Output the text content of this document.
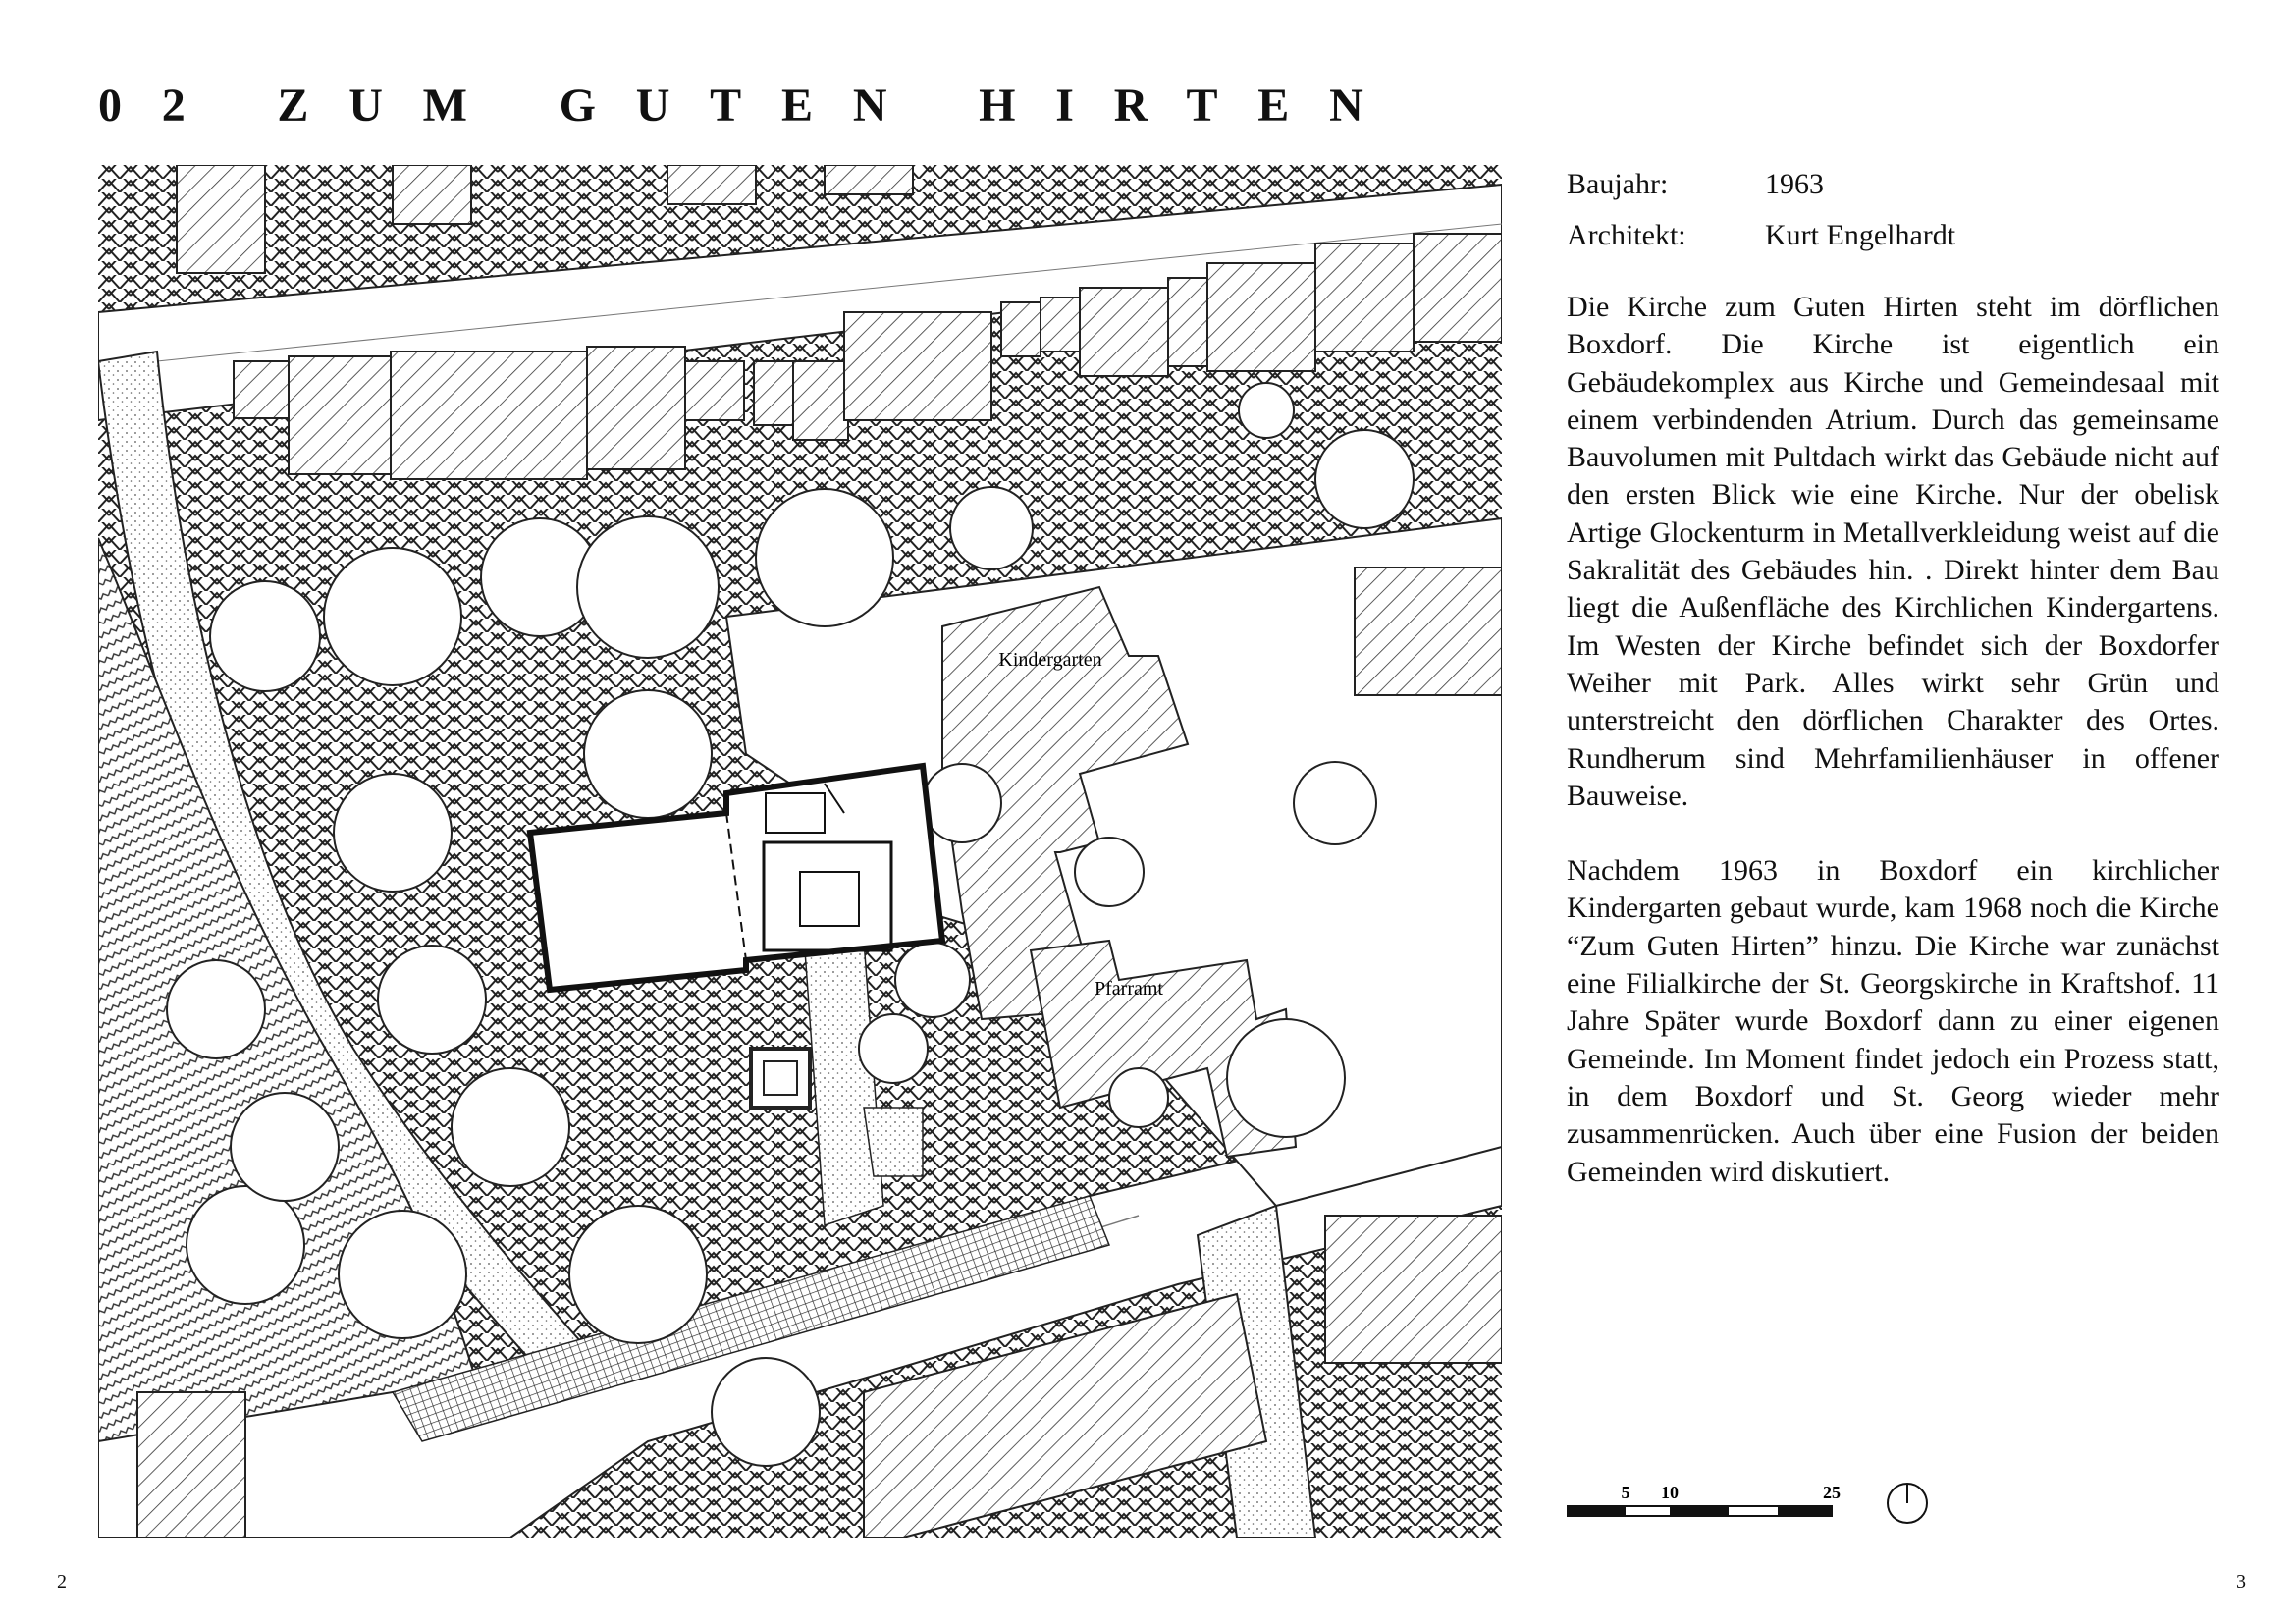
02 ZUM GUTEN HIRTEN
Kindergarten
Pfarramt
Baujahr:	1963
Architekt:	Kurt Engelhardt

Die Kirche zum Guten Hirten steht im dörflichen Boxdorf. Die Kirche ist eigentlich ein Gebäudekomplex aus Kirche und Gemeindesaal mit einem verbindenden Atrium. Durch das gemeinsame Bauvolumen mit Pultdach wirkt das Gebäude nicht auf den ersten Blick wie eine Kirche. Nur der obelisk Artige Glockenturm in Metallverkleidung weist auf die Sakralität des Gebäudes hin. . Direkt hinter dem Bau liegt die Außenfläche des Kirchlichen Kindergartens. Im Westen der Kirche befindet sich der Boxdorfer Weiher mit Park. Alles wirkt sehr Grün und unterstreicht den dörflichen Charakter des Ortes. Rundherum sind Mehrfamilienhäuser in offener Bauweise.

Nachdem 1963 in Boxdorf ein kirchlicher Kindergarten gebaut wurde, kam 1968 noch die Kirche “Zum Guten Hirten” hinzu. Die Kirche war zunächst eine Filialkirche der St. Georgskirche in Kraftshof. 11 Jahre Später wurde Boxdorf dann zu einer eigenen Gemeinde. Im Moment findet jedoch ein Prozess statt, in dem Boxdorf und St. Georg wieder mehr zusammenrücken. Auch über eine Fusion der beiden Gemeinden wird diskutiert.

5 10	25
2	3
